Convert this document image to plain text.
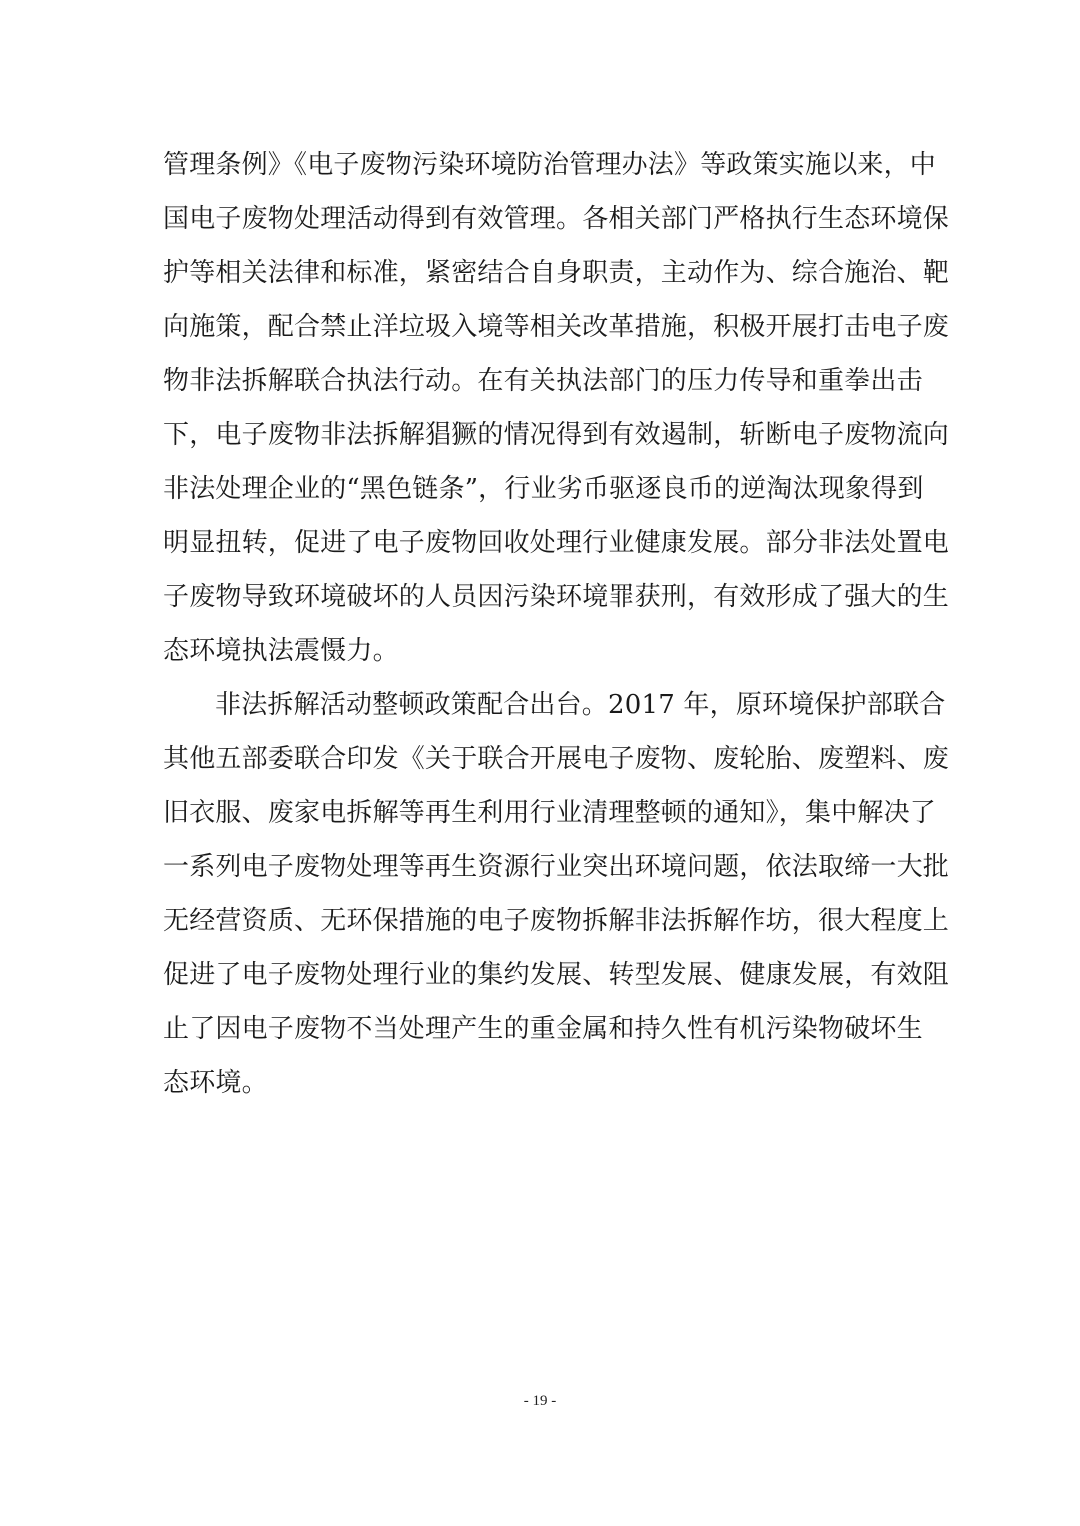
管理条例》《电子废物污染环境防治管理办法》等政策实施以来，中
国电子废物处理活动得到有效管理。各相关部门严格执行生态环境保
护等相关法律和标准，紧密结合自身职责，主动作为、综合施治、靶
向施策，配合禁止洋垃圾入境等相关改革措施，积极开展打击电子废
物非法拆解联合执法行动。在有关执法部门的压力传导和重拳出击
下，电子废物非法拆解猖獗的情况得到有效遏制，斩断电子废物流向
非法处理企业的“黑色链条”，行业劣币驱逐良币的逆淘汰现象得到
明显扭转，促进了电子废物回收处理行业健康发展。部分非法处置电
子废物导致环境破坏的人员因污染环境罪获刑，有效形成了强大的生
态环境执法震慑力。
非法拆解活动整顿政策配合出台。2017 年，原环境保护部联合
其他五部委联合印发《关于联合开展电子废物、废轮胎、废塑料、废
旧衣服、废家电拆解等再生利用行业清理整顿的通知》，集中解决了
一系列电子废物处理等再生资源行业突出环境问题，依法取缔一大批
无经营资质、无环保措施的电子废物拆解非法拆解作坊，很大程度上
促进了电子废物处理行业的集约发展、转型发展、健康发展，有效阻
止了因电子废物不当处理产生的重金属和持久性有机污染物破坏生
态环境。
- 19 -
